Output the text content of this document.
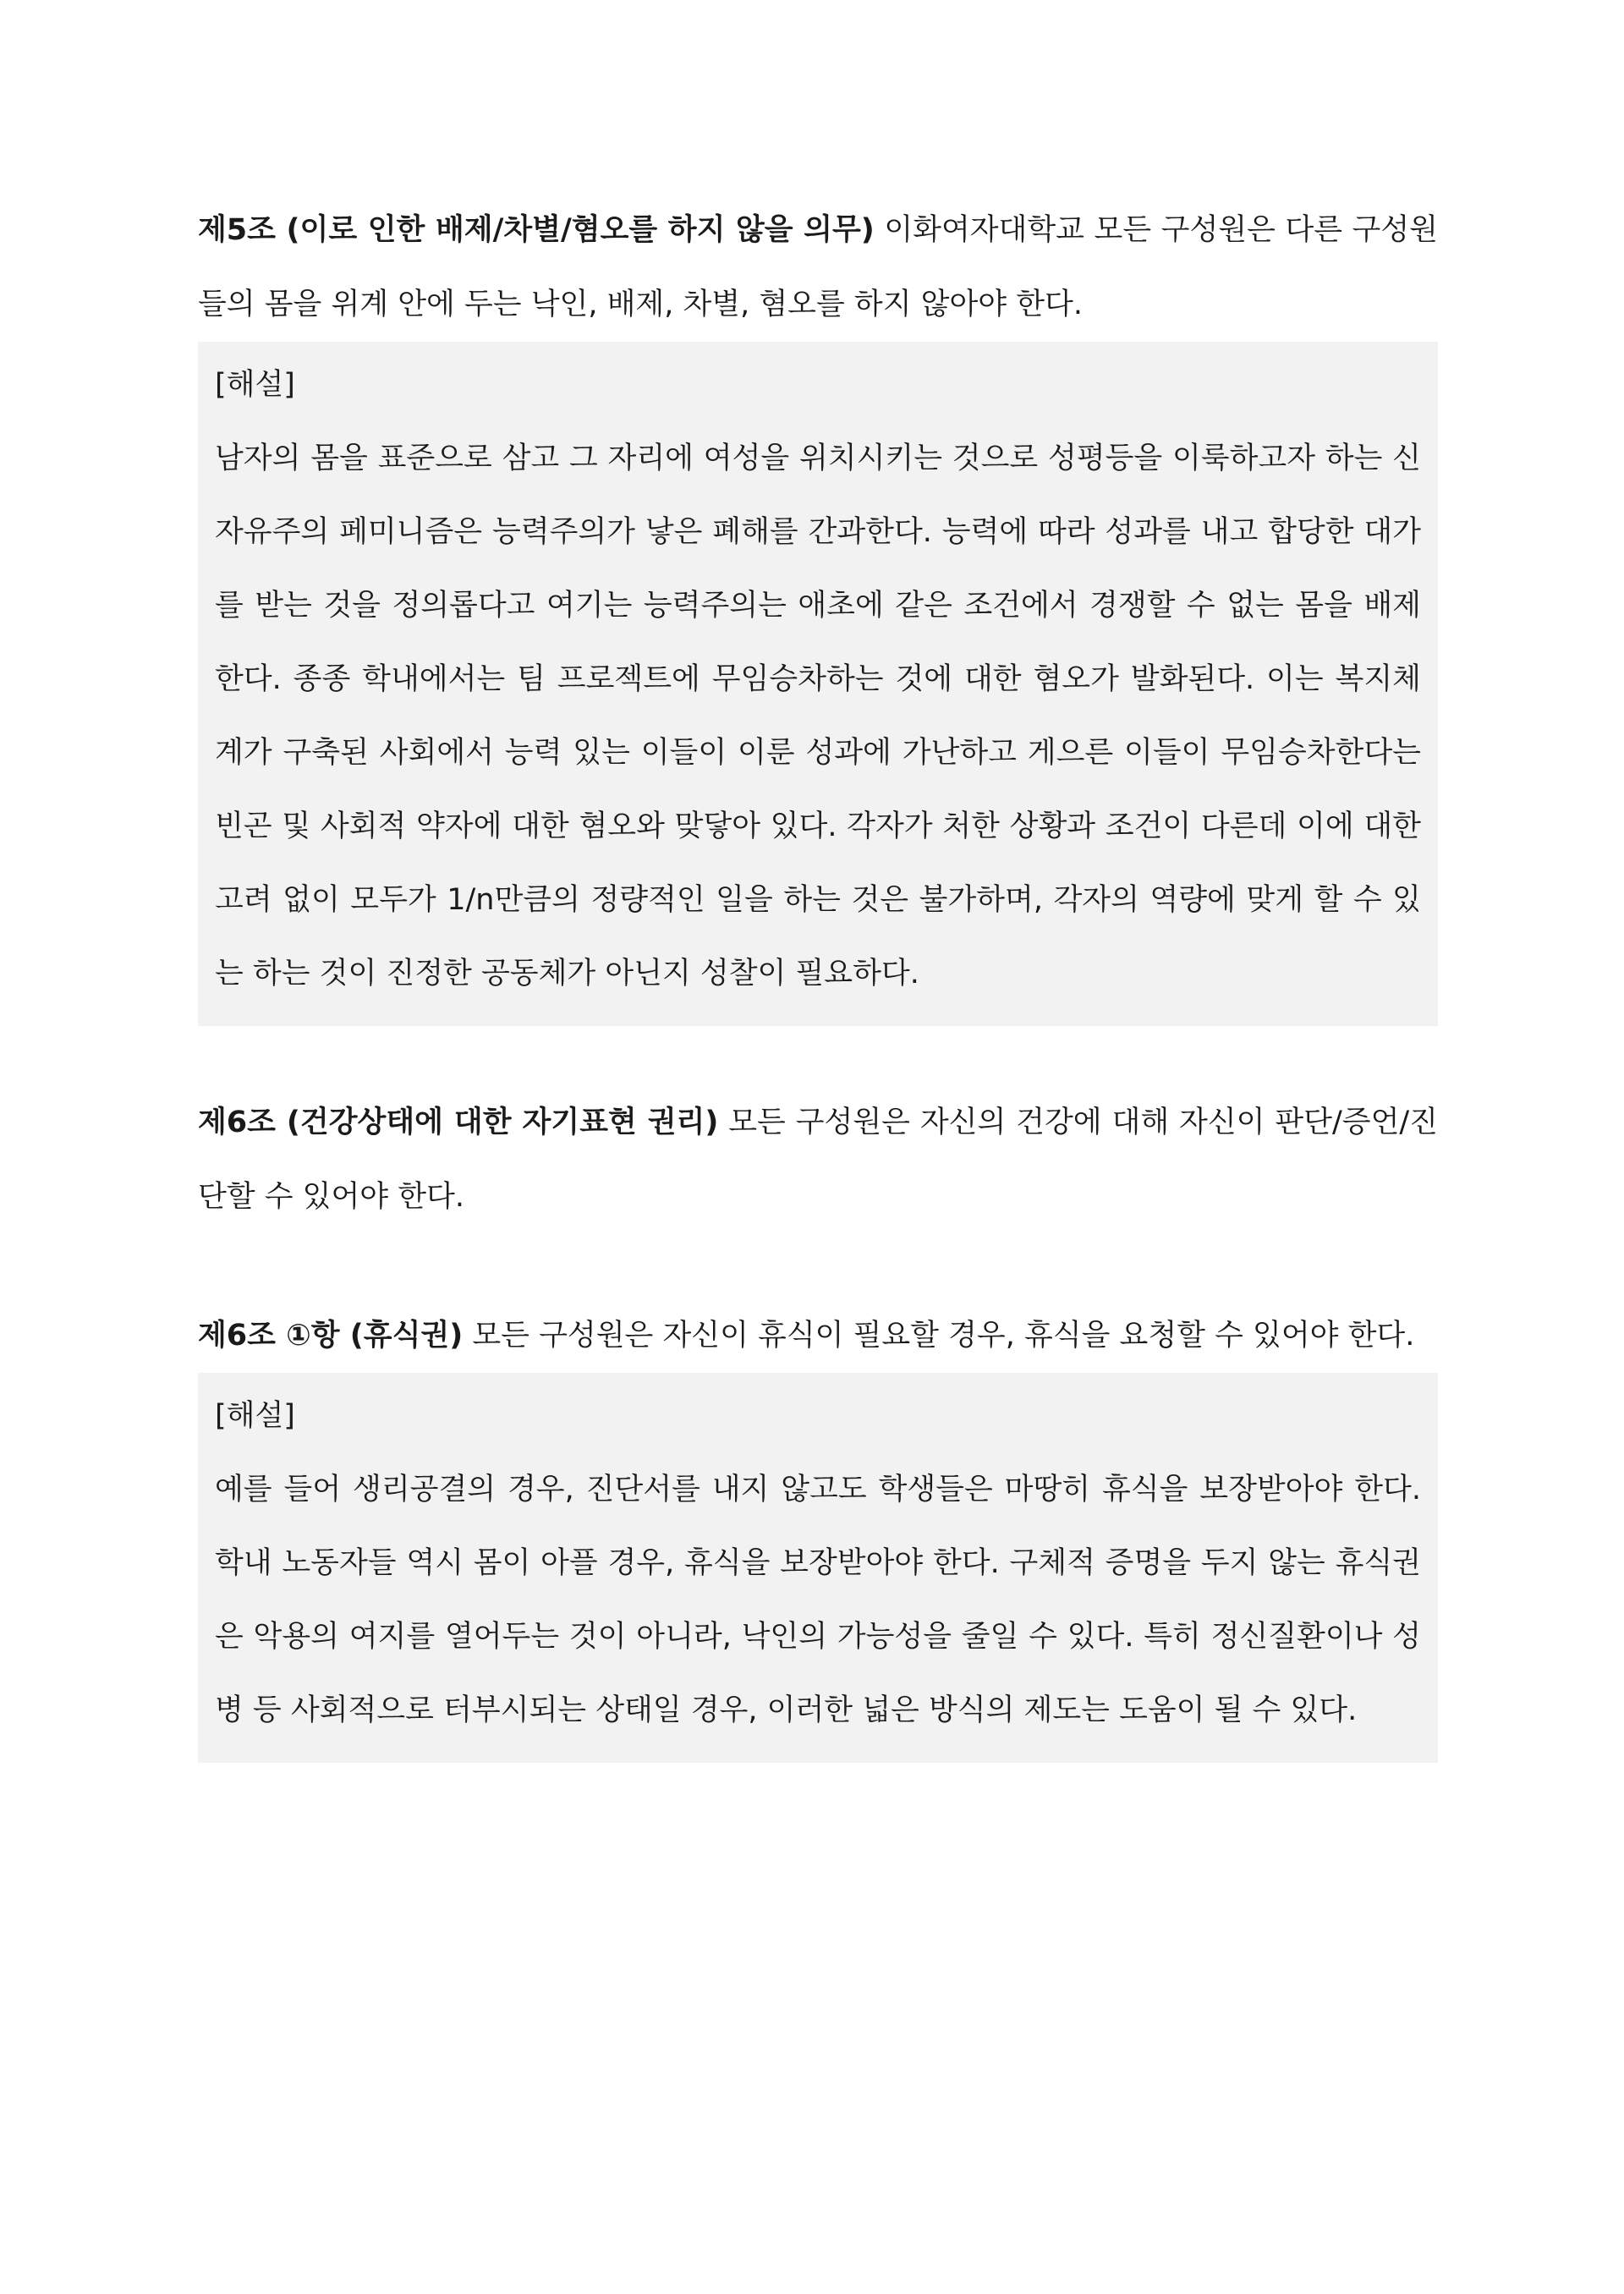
제5조 (이로 인한 배제/차별/혐오를 하지 않을 의무) 이화여자대학교 모든 구성원은 다른 구성원들의 몸을 위계 안에 두는 낙인, 배제, 차별, 혐오를 하지 않아야 한다.

[해설]

남자의 몸을 표준으로 삼고 그 자리에 여성을 위치시키는 것으로 성평등을 이룩하고자 하는 신자유주의 페미니즘은 능력주의가 낳은 폐해를 간과한다. 능력에 따라 성과를 내고 합당한 대가를 받는 것을 정의롭다고 여기는 능력주의는 애초에 같은 조건에서 경쟁할 수 없는 몸을 배제한다. 종종 학내에서는 팀 프로젝트에 무임승차하는 것에 대한 혐오가 발화된다. 이는 복지체계가 구축된 사회에서 능력 있는 이들이 이룬 성과에 가난하고 게으른 이들이 무임승차한다는 빈곤 및 사회적 약자에 대한 혐오와 맞닿아 있다. 각자가 처한 상황과 조건이 다른데 이에 대한 고려 없이 모두가 1/n만큼의 정량적인 일을 하는 것은 불가하며, 각자의 역량에 맞게 할 수 있는 하는 것이 진정한 공동체가 아닌지 성찰이 필요하다.

제6조 (건강상태에 대한 자기표현 권리) 모든 구성원은 자신의 건강에 대해 자신이 판단/증언/진단할 수 있어야 한다.

제6조 ①항 (휴식권) 모든 구성원은 자신이 휴식이 필요할 경우, 휴식을 요청할 수 있어야 한다.

[해설]

예를 들어 생리공결의 경우, 진단서를 내지 않고도 학생들은 마땅히 휴식을 보장받아야 한다. 학내 노동자들 역시 몸이 아플 경우, 휴식을 보장받아야 한다. 구체적 증명을 두지 않는 휴식권은 악용의 여지를 열어두는 것이 아니라, 낙인의 가능성을 줄일 수 있다. 특히 정신질환이나 성병 등 사회적으로 터부시되는 상태일 경우, 이러한 넓은 방식의 제도는 도움이 될 수 있다.
